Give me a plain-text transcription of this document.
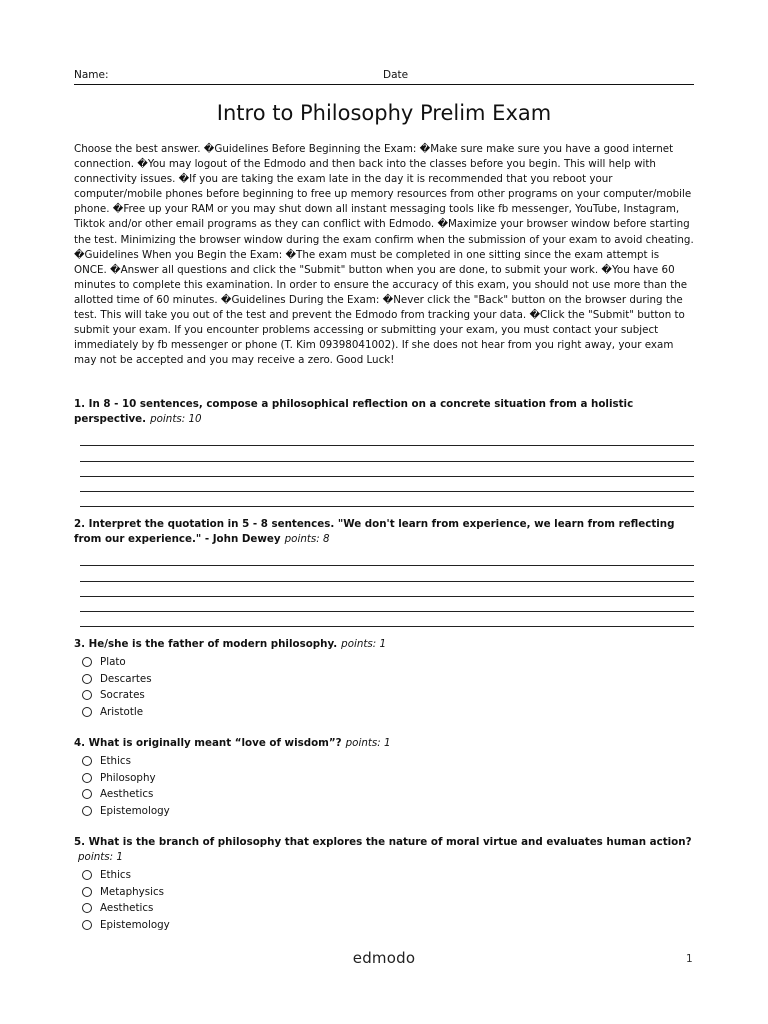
Name:	Date
Intro to Philosophy Prelim Exam

Choose the best answer. �Guidelines Before Beginning the Exam: �Make sure make sure you have a good internet connection. �You may logout of the Edmodo and then back into the classes before you begin. This will help with connectivity issues. �If you are taking the exam late in the day it is recommended that you reboot your computer/mobile phones before beginning to free up memory resources from other programs on your computer/mobile phone. �Free up your RAM or you may shut down all instant messaging tools like fb messenger, YouTube, Instagram, Tiktok and/or other email programs as they can conflict with Edmodo. �Maximize your browser window before starting the test. Minimizing the browser window during the exam confirm when the submission of your exam to avoid cheating. �Guidelines When you Begin the Exam: �The exam must be completed in one sitting since the exam attempt is ONCE. �Answer all questions and click the "Submit" button when you are done, to submit your work. �You have 60 minutes to complete this examination. In order to ensure the accuracy of this exam, you should not use more than the allotted time of 60 minutes. �Guidelines During the Exam: �Never click the "Back" button on the browser during the test. This will take you out of the test and prevent the Edmodo from tracking your data. �Click the "Submit" button to submit your exam. If you encounter problems accessing or submitting your exam, you must contact your subject immediately by fb messenger or phone (T. Kim 09398041002). If she does not hear from you right away, your exam may not be accepted and you may receive a zero. Good Luck!

1. In 8 - 10 sentences, compose a philosophical reflection on a concrete situation from a holistic perspective. points: 10

2. Interpret the quotation in 5 - 8 sentences. "We don't learn from experience, we learn from reflecting from our experience." - John Dewey points: 8

3. He/she is the father of modern philosophy. points: 1

Plato
Descartes
Socrates
Aristotle

4. What is originally meant “love of wisdom”? points: 1

Ethics
Philosophy
Aesthetics
Epistemology

5. What is the branch of philosophy that explores the nature of moral virtue and evaluates human action?points: 1

Ethics
Metaphysics
Aesthetics
Epistemology
edmodo	1
